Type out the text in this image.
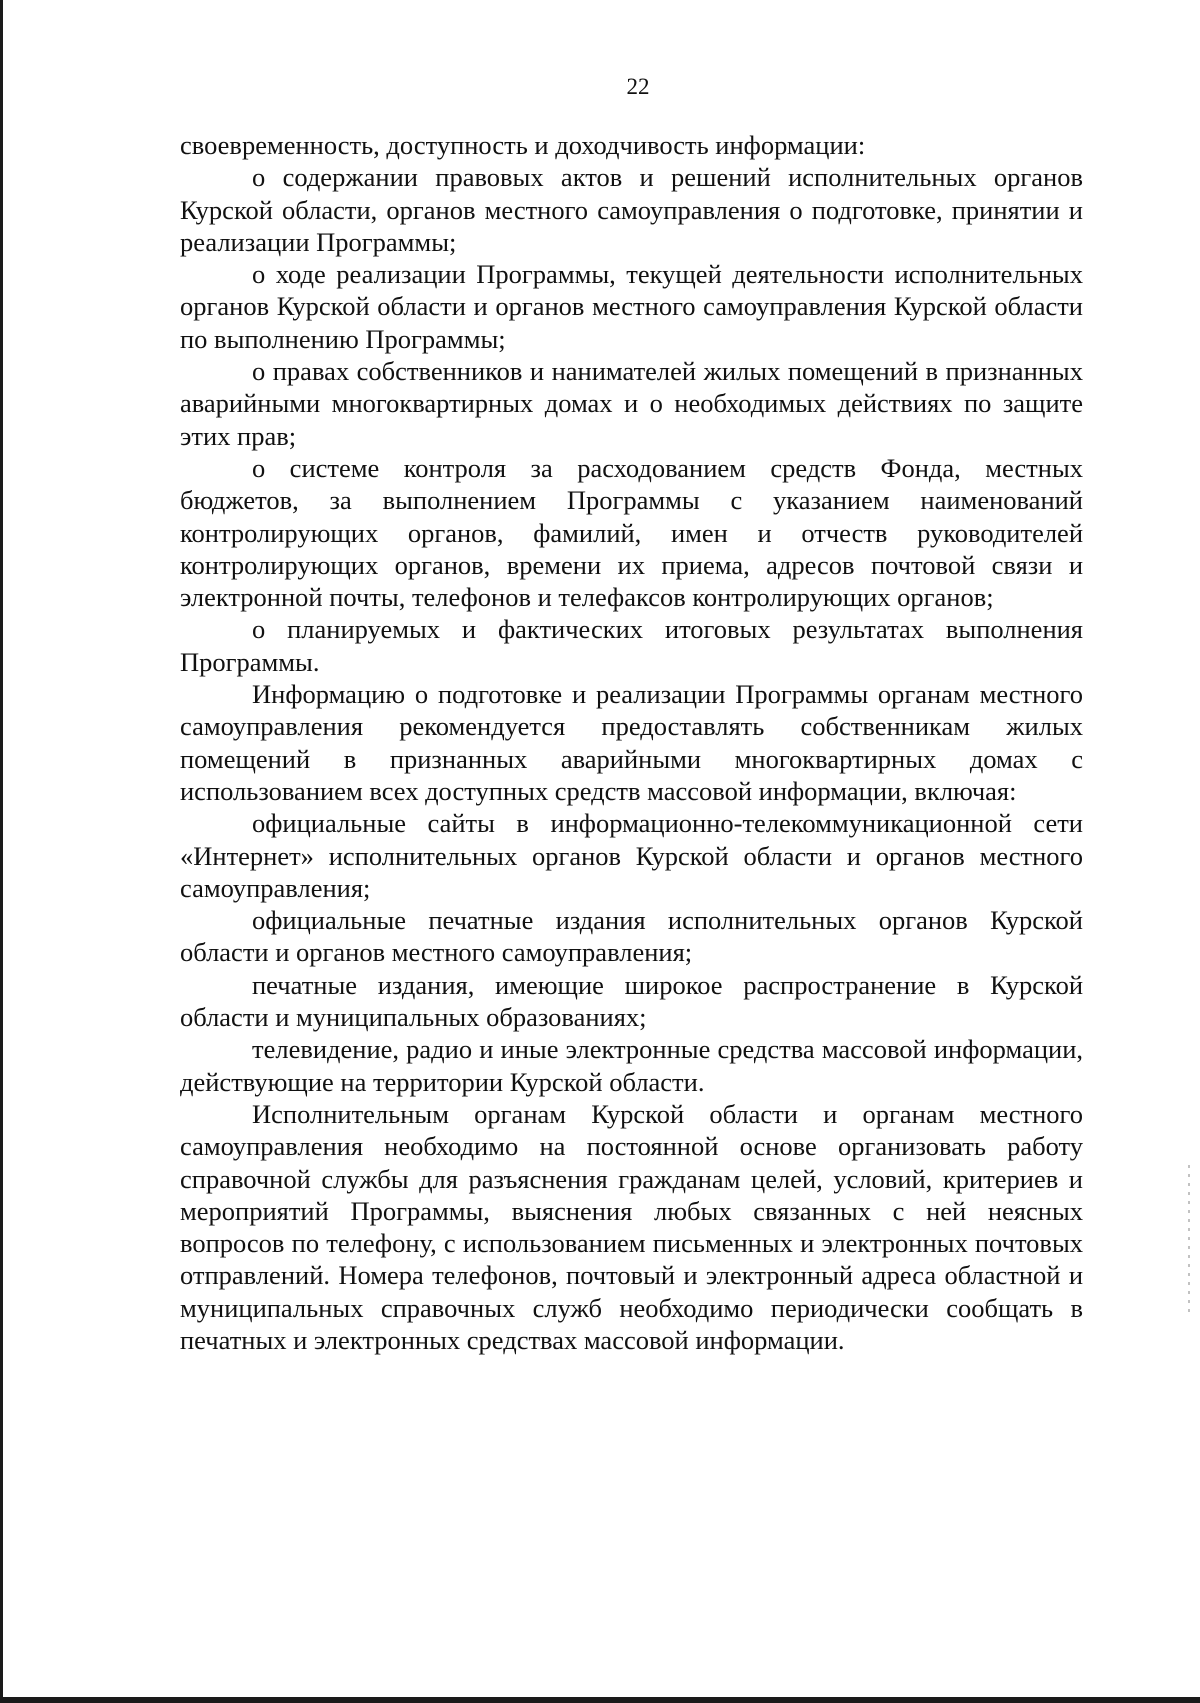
22

своевременность, доступность и доходчивость информации:

о содержании правовых актов и решений исполнительных органов Курской области, органов местного самоуправления о подготовке, принятии и реализации Программы;

о ходе реализации Программы, текущей деятельности исполнительных органов Курской области и органов местного самоуправления Курской области по выполнению Программы;

о правах собственников и нанимателей жилых помещений в признанных аварийными многоквартирных домах и о необходимых действиях по защите этих прав;

о системе контроля за расходованием средств Фонда, местных бюджетов, за выполнением Программы с указанием наименований контролирующих органов, фамилий, имен и отчеств руководителей контролирующих органов, времени их приема, адресов почтовой связи и электронной почты, телефонов и телефаксов контролирующих органов;

о планируемых и фактических итоговых результатах выполнения Программы.

Информацию о подготовке и реализации Программы органам местного самоуправления рекомендуется предоставлять собственникам жилых помещений в признанных аварийными многоквартирных домах с использованием всех доступных средств массовой информации, включая:

официальные сайты в информационно-телекоммуникационной сети «Интернет» исполнительных органов Курской области и органов местного самоуправления;

официальные печатные издания исполнительных органов Курской области и органов местного самоуправления;

печатные издания, имеющие широкое распространение в Курской области и муниципальных образованиях;

телевидение, радио и иные электронные средства массовой информации, действующие на территории Курской области.

Исполнительным органам Курской области и органам местного самоуправления необходимо на постоянной основе организовать работу справочной службы для разъяснения гражданам целей, условий, критериев и мероприятий Программы, выяснения любых связанных с ней неясных вопросов по телефону, с использованием письменных и электронных почтовых отправлений. Номера телефонов, почтовый и электронный адреса областной и муниципальных справочных служб необходимо периодически сообщать в печатных и электронных средствах массовой информации.
